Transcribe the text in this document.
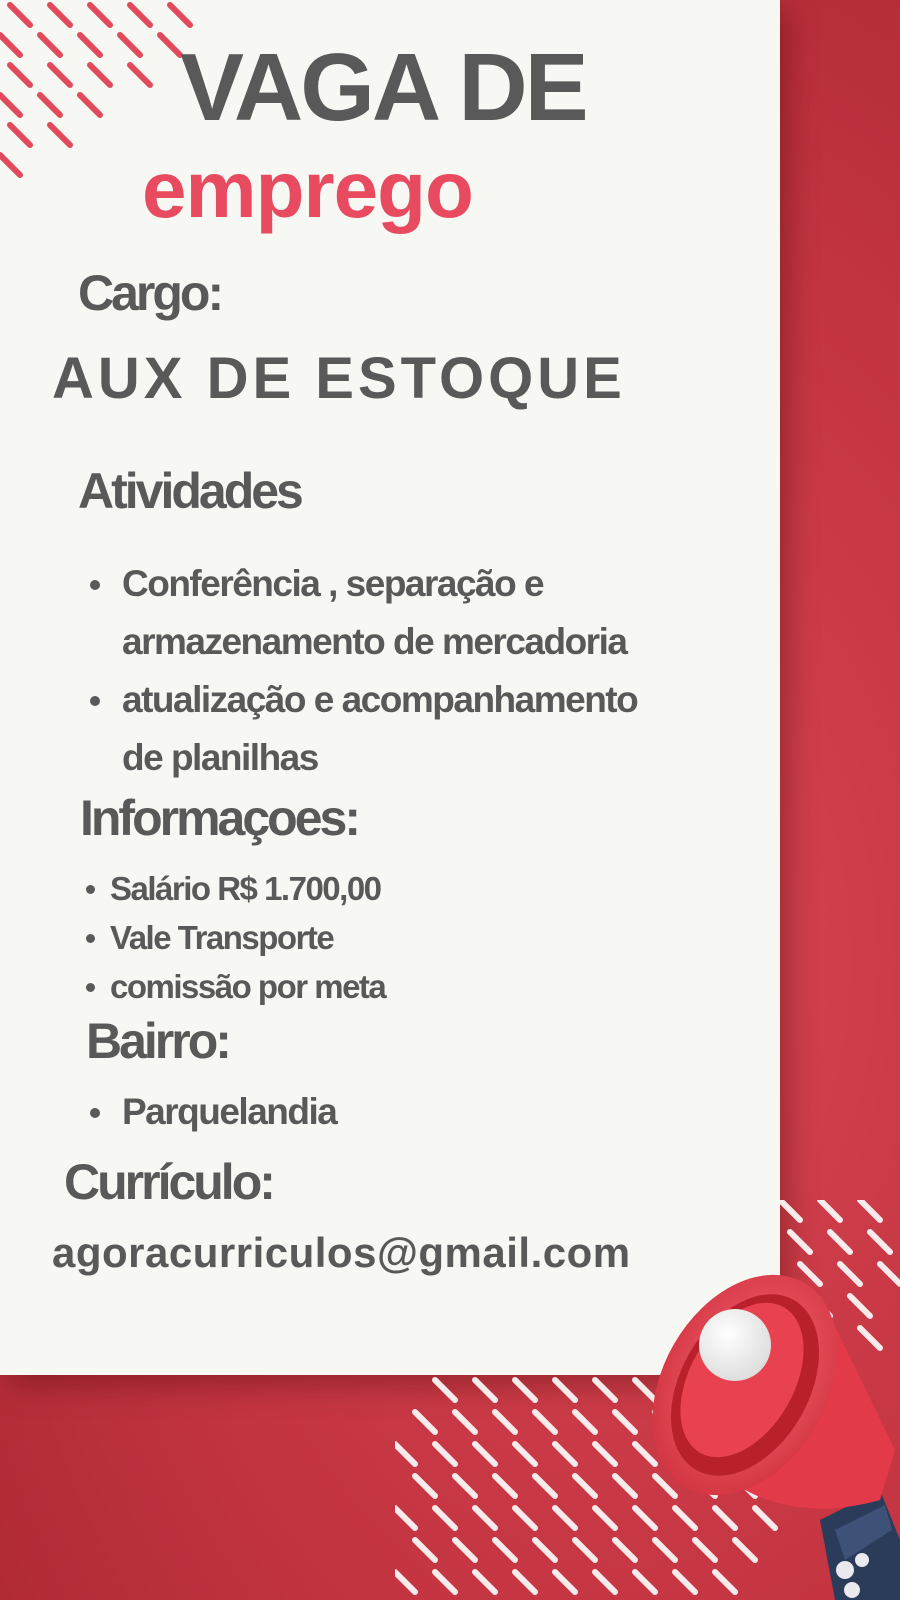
VAGA DE
emprego
Cargo:
AUX DE ESTOQUE
Atividades
Conferência , separação e
armazenamento de mercadoria
atualização e acompanhamento
de planilhas
Informaçoes:
Salário R$ 1.700,00
Vale Transporte
comissão por meta
Bairro:
Parquelandia
Currículo:
agoracurriculos@gmail.com
